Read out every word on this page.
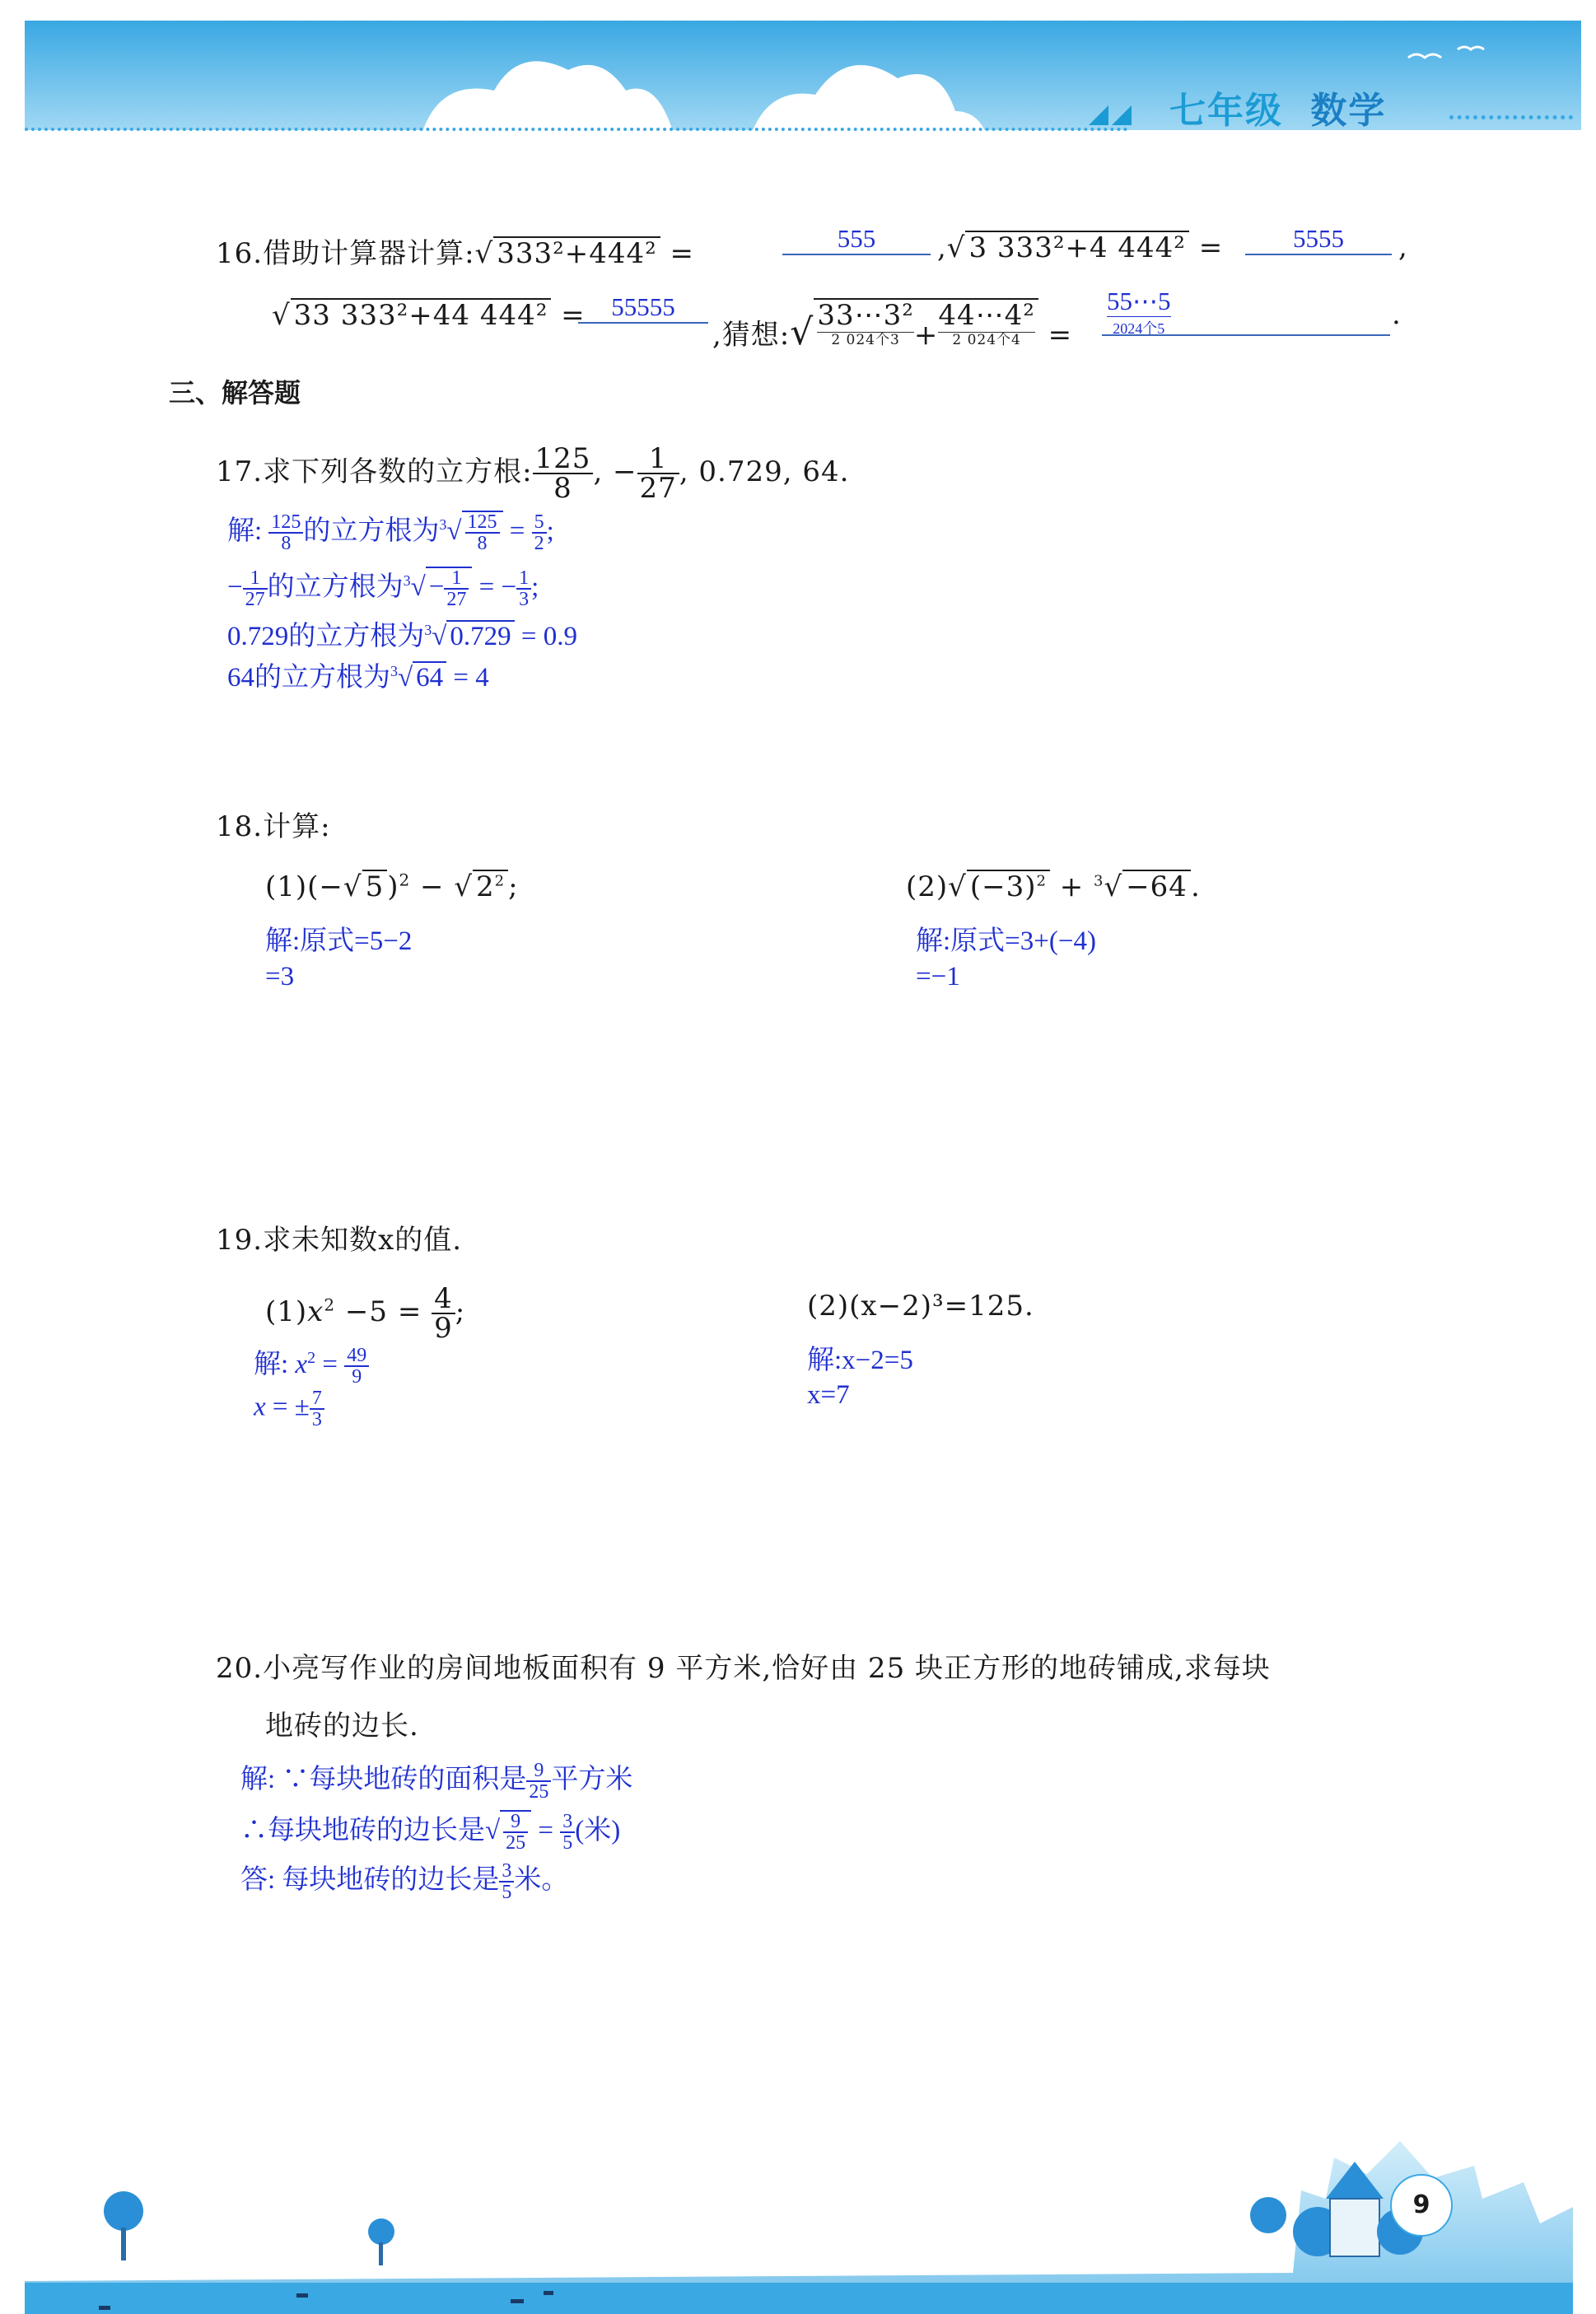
七年级 数学
16.借助计算器计算:√ 333²+444² =	555	,√ 3 333²+4 444² =	5555	,
√ 33 333²+44 444² =	55555
,猜想:√ 33⋯3²
2 024个3 +44⋯4²
2 024个4 =
55⋯5
2024个5	.
三、解答题
17.求下列各数的立方根: $\frac{125}{8}$ , − $\frac{1}{27}$ , 0.729, 64.
解: $\frac{125}{8}$ 的立方根为$^3√ \frac{125}{8} = \frac{5}{2}$ ;
− $\frac{1}{27}$ 的立方根为$^3√ - \frac{1}{27}$ = − $\frac{1}{3}$ ;
0.729的立方根为$^3$√ 0.729 = 0.9
64的立方根为$^3$√ 64 = 4
18.计算:
(1)(−√ 5 )$^2$ − √ $2^2$ ;
解:原式=5−2
=3
(2)√ $(-3)^2 + ^3√ -64$ .
解:原式=3+(−4)
=−1
19.求未知数x的值.
$(1)x^2 -5 = \frac{4}{9}$ ;
解: $x^2 = \frac{49}{9}$
x = ± $\frac{7}{3}$
(2)(x−2)³=125.
解:x−2=5
x=7
20.小亮写作业的房间地板面积有 9 平方米,恰好由 25 块正方形的地砖铺成,求每块
地砖的边长.
解: ∵每块地砖的面积是 $\frac{9}{25}$ 平方米
∴每块地砖的边长是√ $\frac{9}{25} = \frac{3}{5}$ (米)
答: 每块地砖的边长是 $\frac{3}{5}$ 米。
9
